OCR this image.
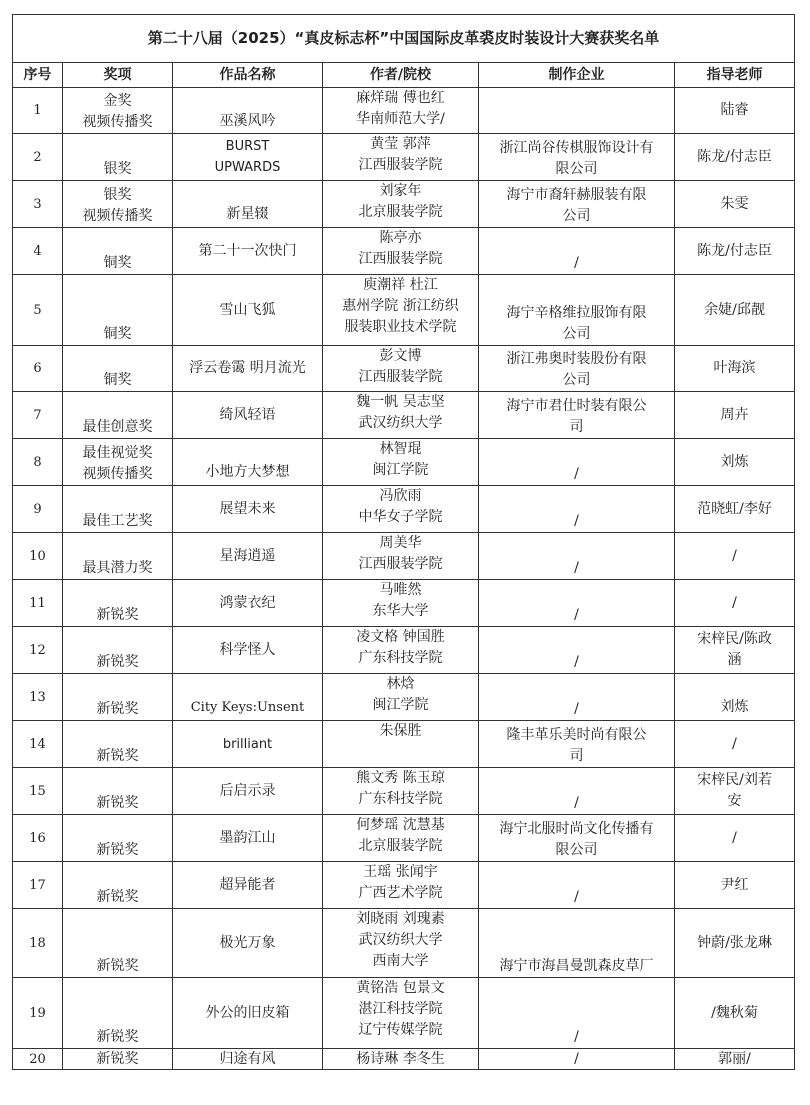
第二十八届（2025）“真皮标志杯”中国国际皮革裘皮时装设计大赛获奖名单					
序号	奖项	作品名称	作者/院校	制作企业	指导老师
1	金奖
视频传播奖	巫溪风吟	麻烊瑞 傅也红
华南师范大学/		陆睿

2	银奖	BURST
UPWARDS	黄莹 郭萍
江西服装学院	浙江尚谷传棋服饰设计有
限公司	陈龙/付志臣

3	银奖
视频传播奖	新星辍	刘家年
北京服装学院	海宁市裔轩赫服装有限
公司	朱雯

4	铜奖	第二十一次快门	陈亭亦
江西服装学院	/	陈龙/付志臣

5	铜奖	雪山飞狐	庾潮祥 杜江
惠州学院 浙江纺织
服装职业技术学院	海宁辛格维拉服饰有限
公司	余婕/邱靓

6	铜奖	浮云卷霭 明月流光	彭文博
江西服装学院	浙江弗奥时装股份有限
公司	叶海滨

7	最佳创意奖	绮风轻语	魏一帆 吴志坚
武汉纺织大学	海宁市君仕时装有限公
司	周卉

8	最佳视觉奖
视频传播奖	小地方大梦想	林智琨
闽江学院	/	刘炼

9	最佳工艺奖	展望未来	冯欣雨
中华女子学院	/	范晓虹/李好

10	最具潜力奖	星海逍遥	周美华
江西服装学院	/	/

11	新锐奖	鸿蒙衣纪	马唯然
东华大学	/	/

12	新锐奖	科学怪人	凌文格 钟国胜
广东科技学院	/	宋梓民/陈政
涵

13	新锐奖	City Keys:Unsent	林焓
闽江学院	/	刘炼

14	新锐奖	brilliant	朱保胜	隆丰革乐美时尚有限公
司	/

15	新锐奖	后启示录	熊文秀 陈玉琼
广东科技学院	/	宋梓民/刘若
安

16	新锐奖	墨韵江山	何梦瑶 沈慧基
北京服装学院	海宁北服时尚文化传播有
限公司	/

17	新锐奖	超异能者	王瑶 张闻宇
广西艺术学院	/	尹红

18	新锐奖	极光万象	刘晓雨 刘瑰素
武汉纺织大学
西南大学	海宁市海昌曼凯森皮草厂	钟蔚/张龙琳

19	新锐奖	外公的旧皮箱	黄铭浩 包景文
湛江科技学院
辽宁传媒学院	/	/魏秋菊

20	新锐奖	归途有风	杨诗琳 李冬生	/	郭丽/
